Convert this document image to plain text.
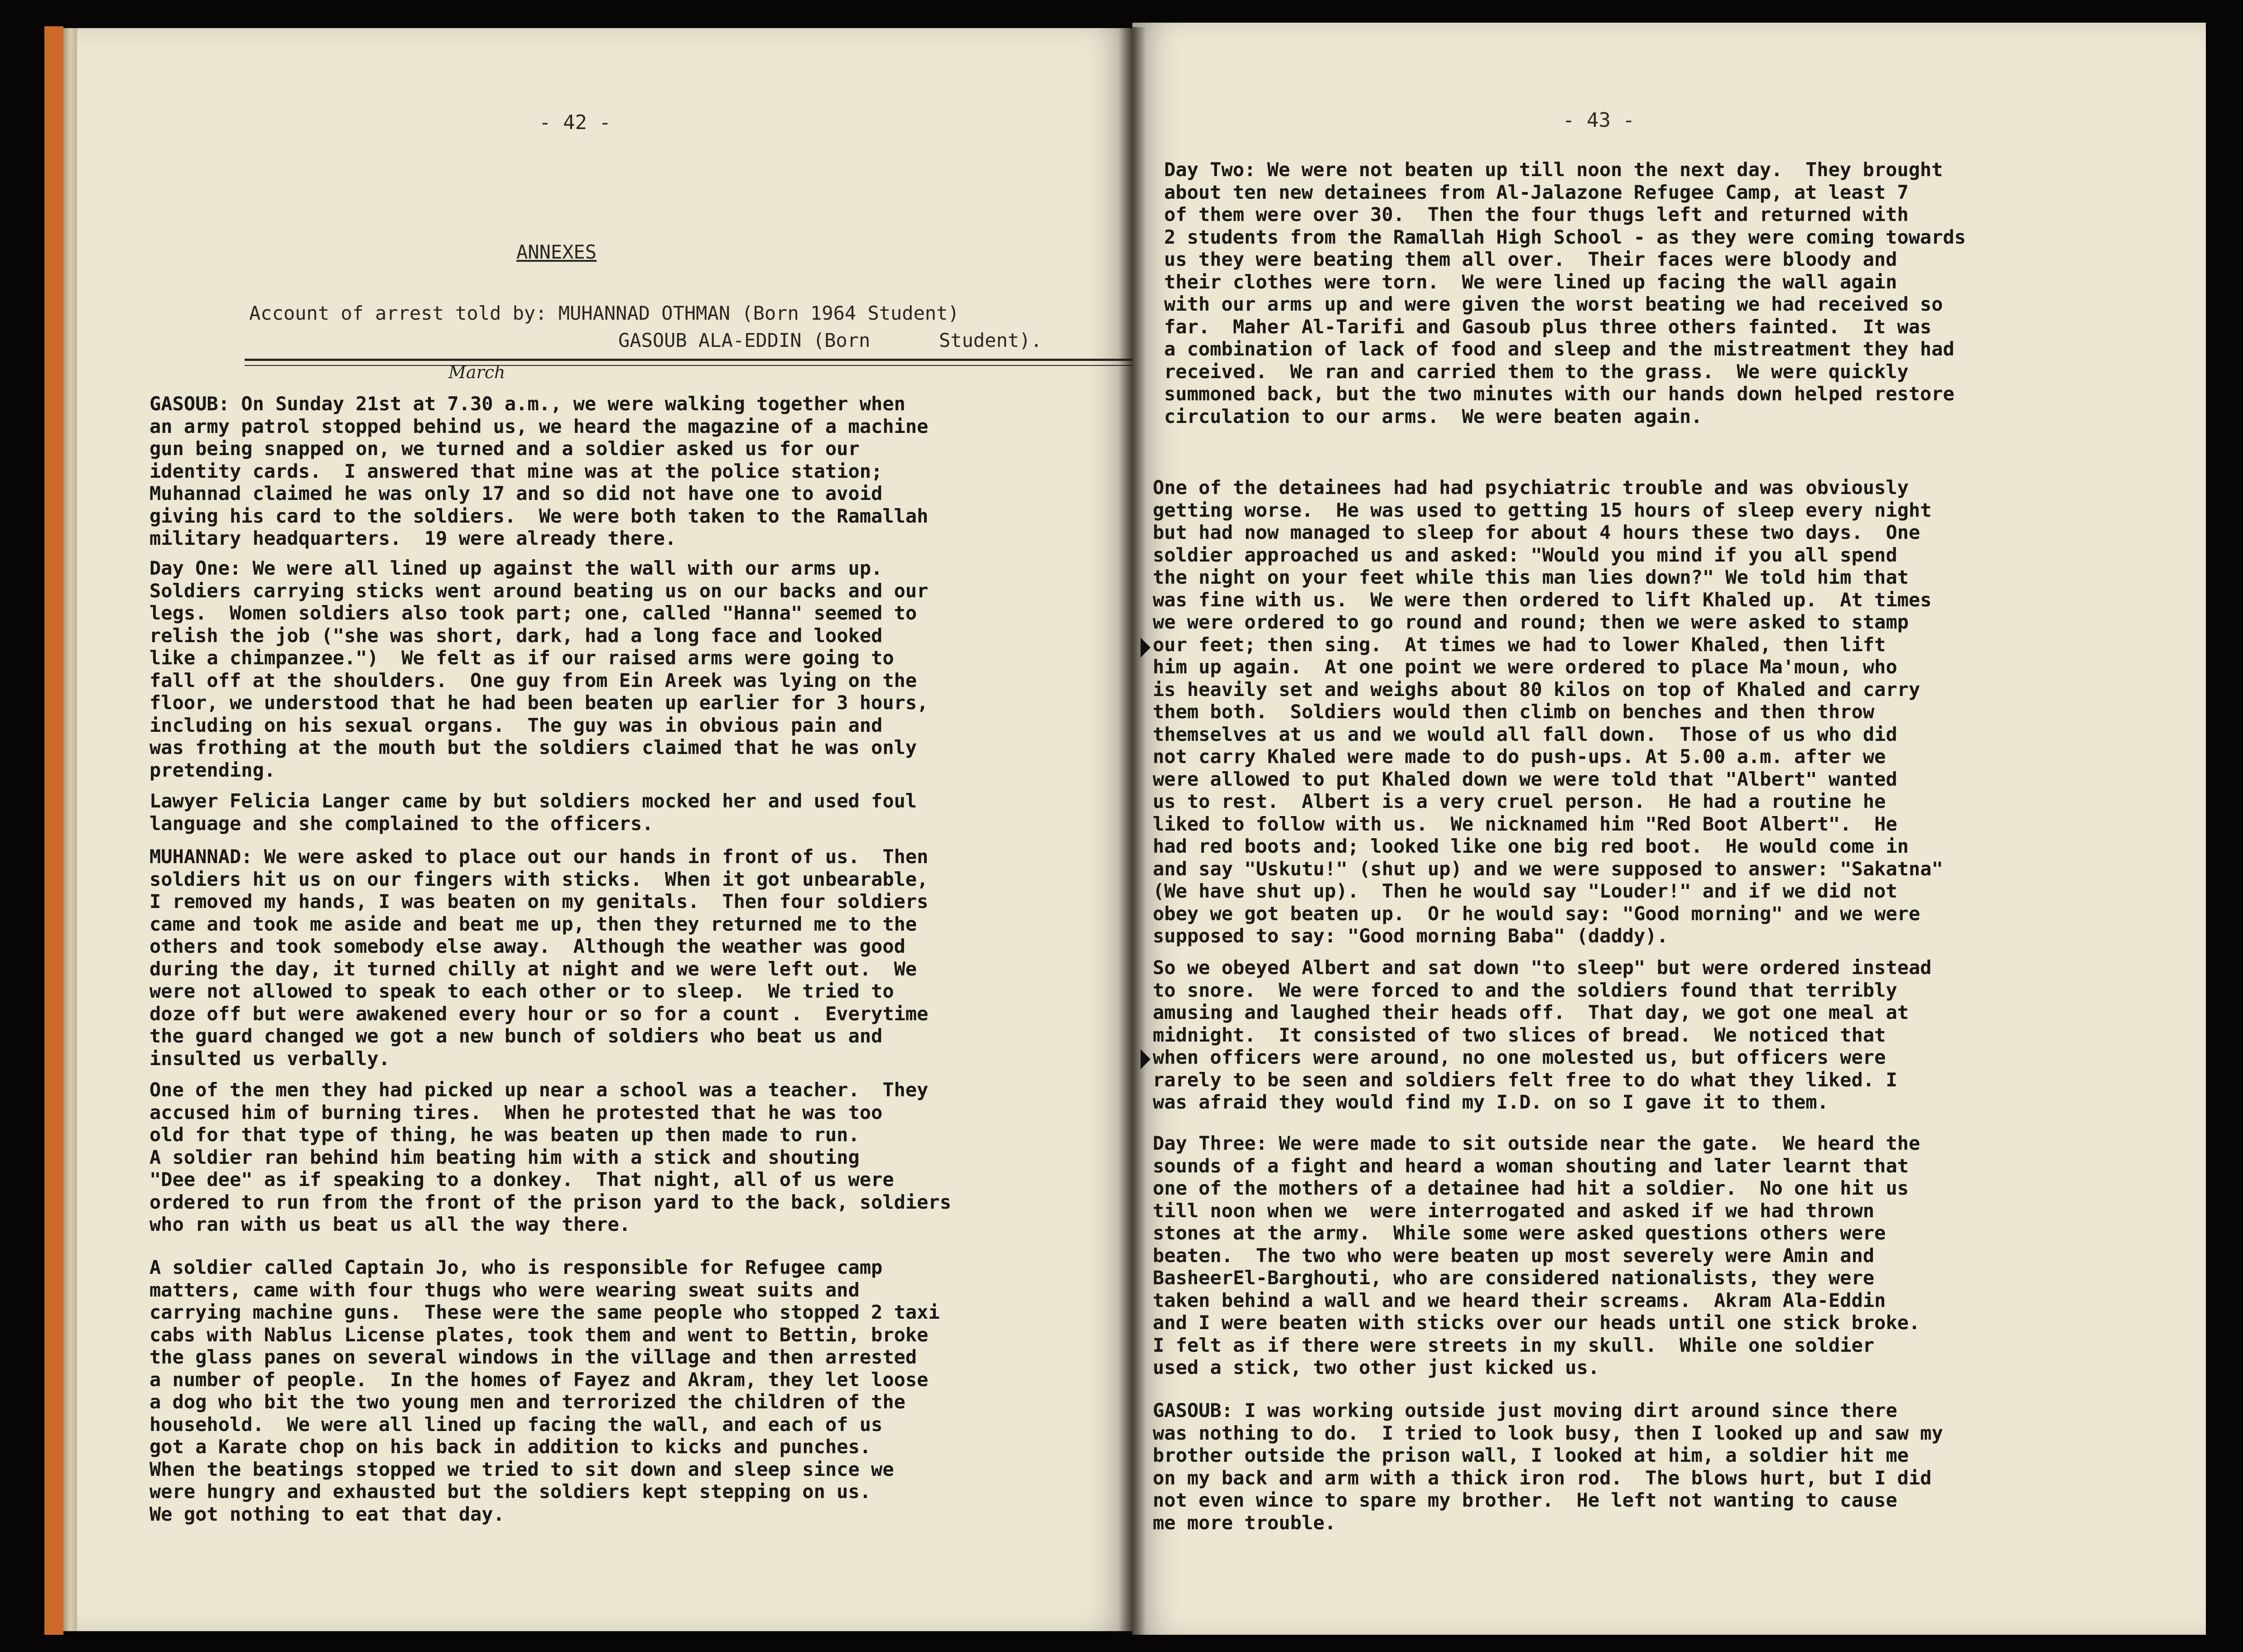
- 42 -
ANNEXES
Account of arrest told by: MUHANNAD OTHMAN (Born 1964 Student)
GASOUB ALA-EDDIN (Born      Student).
March
GASOUB: On Sunday 21st at 7.30 a.m., we were walking together when
an army patrol stopped behind us, we heard the magazine of a machine
gun being snapped on, we turned and a soldier asked us for our
identity cards.  I answered that mine was at the police station;
Muhannad claimed he was only 17 and so did not have one to avoid
giving his card to the soldiers.  We were both taken to the Ramallah
military headquarters.  19 were already there.
Day One: We were all lined up against the wall with our arms up.
Soldiers carrying sticks went around beating us on our backs and our
legs.  Women soldiers also took part; one, called "Hanna" seemed to
relish the job ("she was short, dark, had a long face and looked
like a chimpanzee.")  We felt as if our raised arms were going to
fall off at the shoulders.  One guy from Ein Areek was lying on the
floor, we understood that he had been beaten up earlier for 3 hours,
including on his sexual organs.  The guy was in obvious pain and
was frothing at the mouth but the soldiers claimed that he was only
pretending.
Lawyer Felicia Langer came by but soldiers mocked her and used foul
language and she complained to the officers.
MUHANNAD: We were asked to place out our hands in front of us.  Then
soldiers hit us on our fingers with sticks.  When it got unbearable,
I removed my hands, I was beaten on my genitals.  Then four soldiers
came and took me aside and beat me up, then they returned me to the
others and took somebody else away.  Although the weather was good
during the day, it turned chilly at night and we were left out.  We
were not allowed to speak to each other or to sleep.  We tried to
doze off but were awakened every hour or so for a count .  Everytime
the guard changed we got a new bunch of soldiers who beat us and
insulted us verbally.
One of the men they had picked up near a school was a teacher.  They
accused him of burning tires.  When he protested that he was too
old for that type of thing, he was beaten up then made to run.
A soldier ran behind him beating him with a stick and shouting
"Dee dee" as if speaking to a donkey.  That night, all of us were
ordered to run from the front of the prison yard to the back, soldiers
who ran with us beat us all the way there.
A soldier called Captain Jo, who is responsible for Refugee camp
matters, came with four thugs who were wearing sweat suits and
carrying machine guns.  These were the same people who stopped 2 taxi
cabs with Nablus License plates, took them and went to Bettin, broke
the glass panes on several windows in the village and then arrested
a number of people.  In the homes of Fayez and Akram, they let loose
a dog who bit the two young men and terrorized the children of the
household.  We were all lined up facing the wall, and each of us
got a Karate chop on his back in addition to kicks and punches.
When the beatings stopped we tried to sit down and sleep since we
were hungry and exhausted but the soldiers kept stepping on us.
We got nothing to eat that day.
- 43 -
Day Two: We were not beaten up till noon the next day.  They brought
about ten new detainees from Al-Jalazone Refugee Camp, at least 7
of them were over 30.  Then the four thugs left and returned with
2 students from the Ramallah High School - as they were coming towards
us they were beating them all over.  Their faces were bloody and
their clothes were torn.  We were lined up facing the wall again
with our arms up and were given the worst beating we had received so
far.  Maher Al-Tarifi and Gasoub plus three others fainted.  It was
a combination of lack of food and sleep and the mistreatment they had
received.  We ran and carried them to the grass.  We were quickly
summoned back, but the two minutes with our hands down helped restore
circulation to our arms.  We were beaten again.
One of the detainees had had psychiatric trouble and was obviously
getting worse.  He was used to getting 15 hours of sleep every night
but had now managed to sleep for about 4 hours these two days.  One
soldier approached us and asked: "Would you mind if you all spend
the night on your feet while this man lies down?" We told him that
was fine with us.  We were then ordered to lift Khaled up.  At times
we were ordered to go round and round; then we were asked to stamp
our feet; then sing.  At times we had to lower Khaled, then lift
him up again.  At one point we were ordered to place Ma'moun, who
is heavily set and weighs about 80 kilos on top of Khaled and carry
them both.  Soldiers would then climb on benches and then throw
themselves at us and we would all fall down.  Those of us who did
not carry Khaled were made to do push-ups. At 5.00 a.m. after we
were allowed to put Khaled down we were told that "Albert" wanted
us to rest.  Albert is a very cruel person.  He had a routine he
liked to follow with us.  We nicknamed him "Red Boot Albert".  He
had red boots and; looked like one big red boot.  He would come in
and say "Uskutu!" (shut up) and we were supposed to answer: "Sakatna"
(We have shut up).  Then he would say "Louder!" and if we did not
obey we got beaten up.  Or he would say: "Good morning" and we were
supposed to say: "Good morning Baba" (daddy).
So we obeyed Albert and sat down "to sleep" but were ordered instead
to snore.  We were forced to and the soldiers found that terribly
amusing and laughed their heads off.  That day, we got one meal at
midnight.  It consisted of two slices of bread.  We noticed that
when officers were around, no one molested us, but officers were
rarely to be seen and soldiers felt free to do what they liked. I
was afraid they would find my I.D. on so I gave it to them.
Day Three: We were made to sit outside near the gate.  We heard the
sounds of a fight and heard a woman shouting and later learnt that
one of the mothers of a detainee had hit a soldier.  No one hit us
till noon when we  were interrogated and asked if we had thrown
stones at the army.  While some were asked questions others were
beaten.  The two who were beaten up most severely were Amin and
BasheerEl-Barghouti, who are considered nationalists, they were
taken behind a wall and we heard their screams.  Akram Ala-Eddin
and I were beaten with sticks over our heads until one stick broke.
I felt as if there were streets in my skull.  While one soldier
used a stick, two other just kicked us.
GASOUB: I was working outside just moving dirt around since there
was nothing to do.  I tried to look busy, then I looked up and saw my
brother outside the prison wall, I looked at him, a soldier hit me
on my back and arm with a thick iron rod.  The blows hurt, but I did
not even wince to spare my brother.  He left not wanting to cause
me more trouble.
